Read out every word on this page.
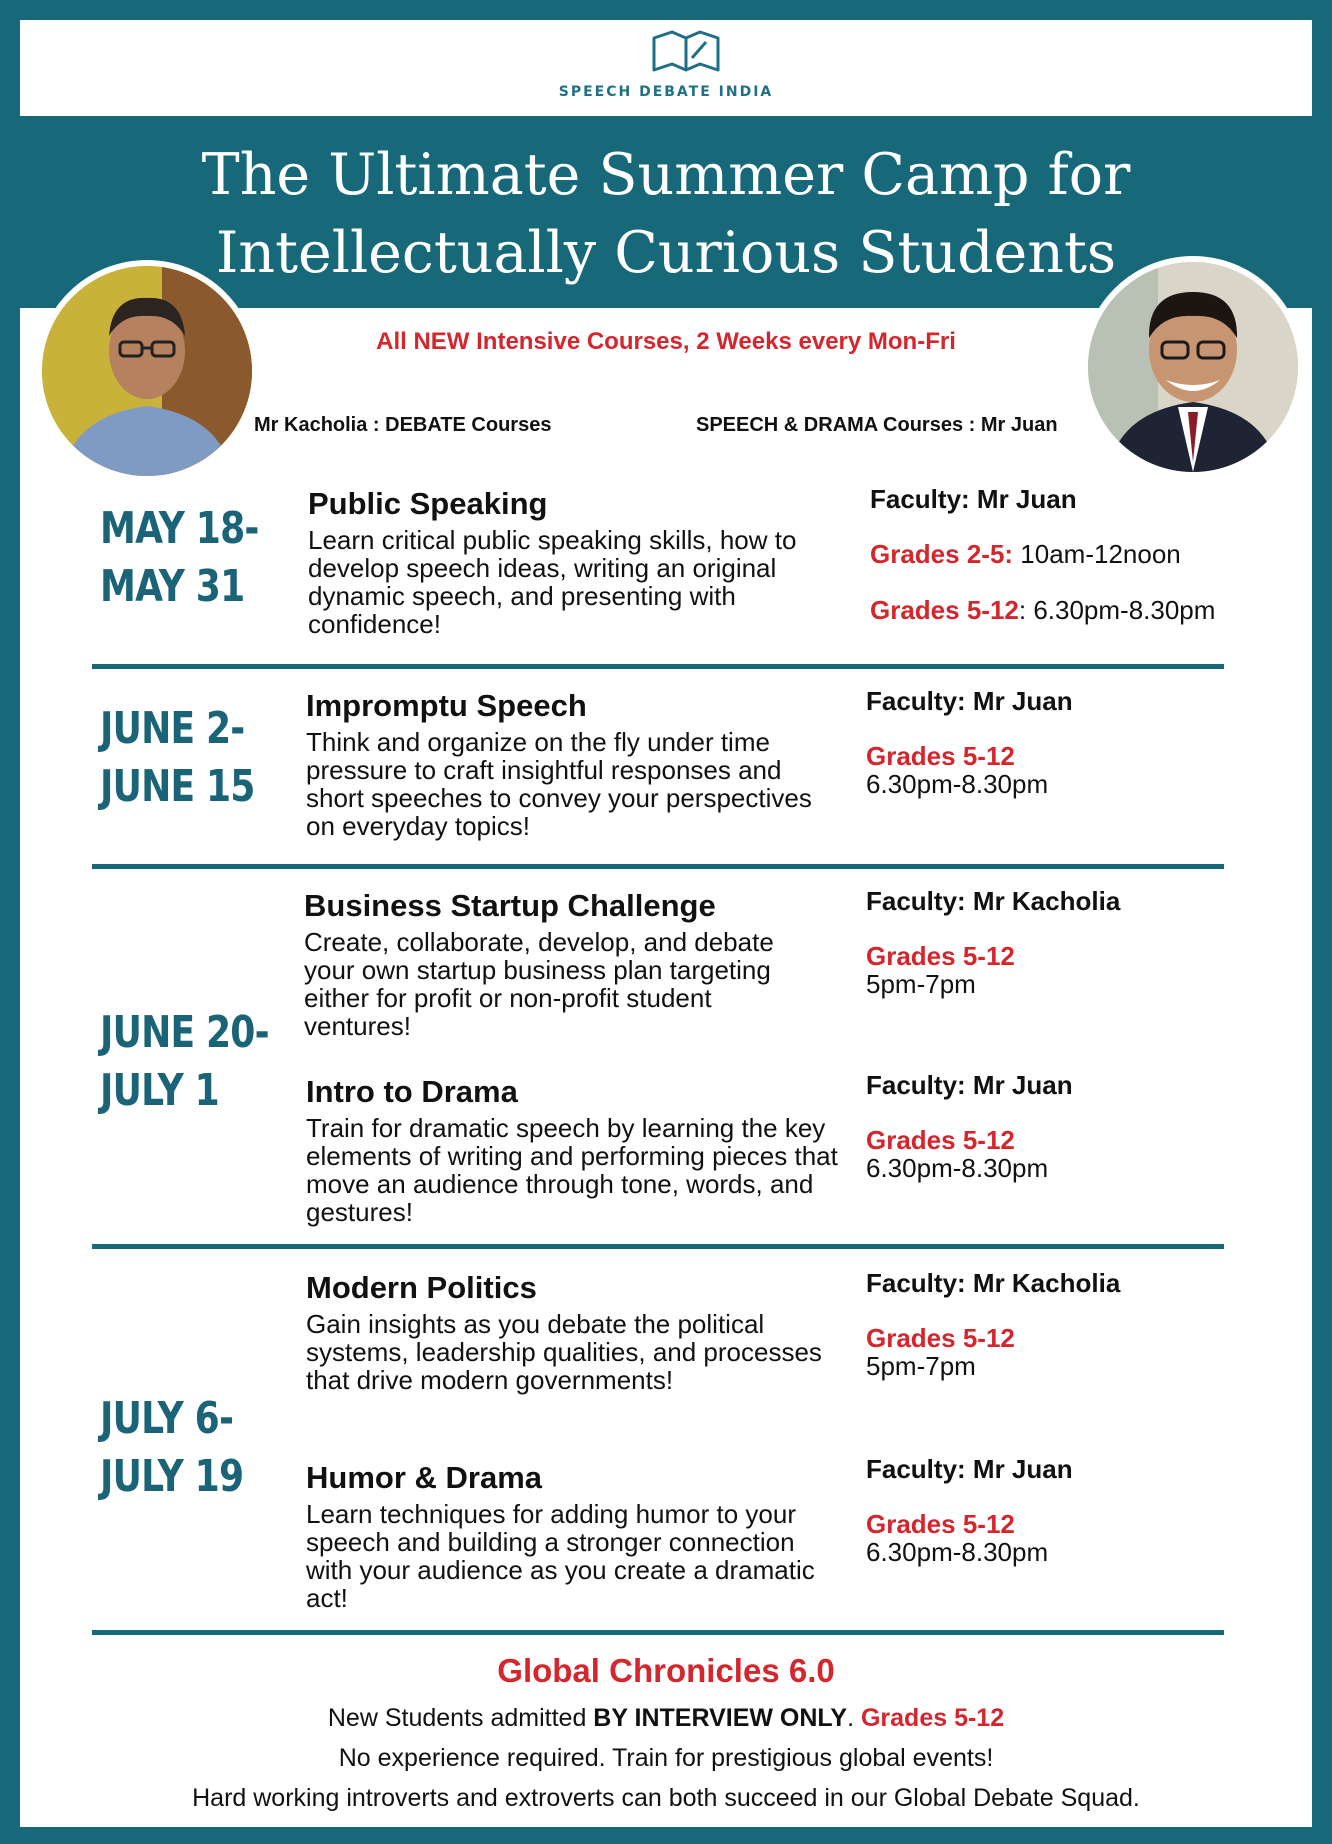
SPEECH DEBATE INDIA
The Ultimate Summer Camp for
Intellectually Curious Students
All NEW Intensive Courses, 2 Weeks every Mon-Fri
Mr Kacholia : DEBATE Courses	SPEECH & DRAMA Courses : Mr Juan
MAY 18-
MAY 31
Public Speaking
Learn critical public speaking skills, how to develop speech ideas, writing an original dynamic speech, and presenting with confidence!
Faculty: Mr Juan
Grades 2-5: 10am-12noon
Grades 5-12: 6.30pm-8.30pm
JUNE 2-
JUNE 15
Impromptu Speech
Think and organize on the fly under time pressure to craft insightful responses and short speeches to convey your perspectives on everyday topics!
Faculty: Mr Juan
Grades 5-12
6.30pm-8.30pm
JUNE 20-
JULY 1
Business Startup Challenge
Create, collaborate, develop, and debate your own startup business plan targeting either for profit or non-profit student ventures!
Faculty: Mr Kacholia
Grades 5-12
5pm-7pm
Intro to Drama
Train for dramatic speech by learning the key elements of writing and performing pieces that move an audience through tone, words, and gestures!
Faculty: Mr Juan
Grades 5-12
6.30pm-8.30pm
JULY 6-
JULY 19
Modern Politics
Gain insights as you debate the political systems, leadership qualities, and processes that drive modern governments!
Faculty: Mr Kacholia
Grades 5-12
5pm-7pm
Humor & Drama
Learn techniques for adding humor to your speech and building a stronger connection with your audience as you create a dramatic act!
Faculty: Mr Juan
Grades 5-12
6.30pm-8.30pm
Global Chronicles 6.0
New Students admitted BY INTERVIEW ONLY. Grades 5-12
No experience required. Train for prestigious global events!
Hard working introverts and extroverts can both succeed in our Global Debate Squad.
